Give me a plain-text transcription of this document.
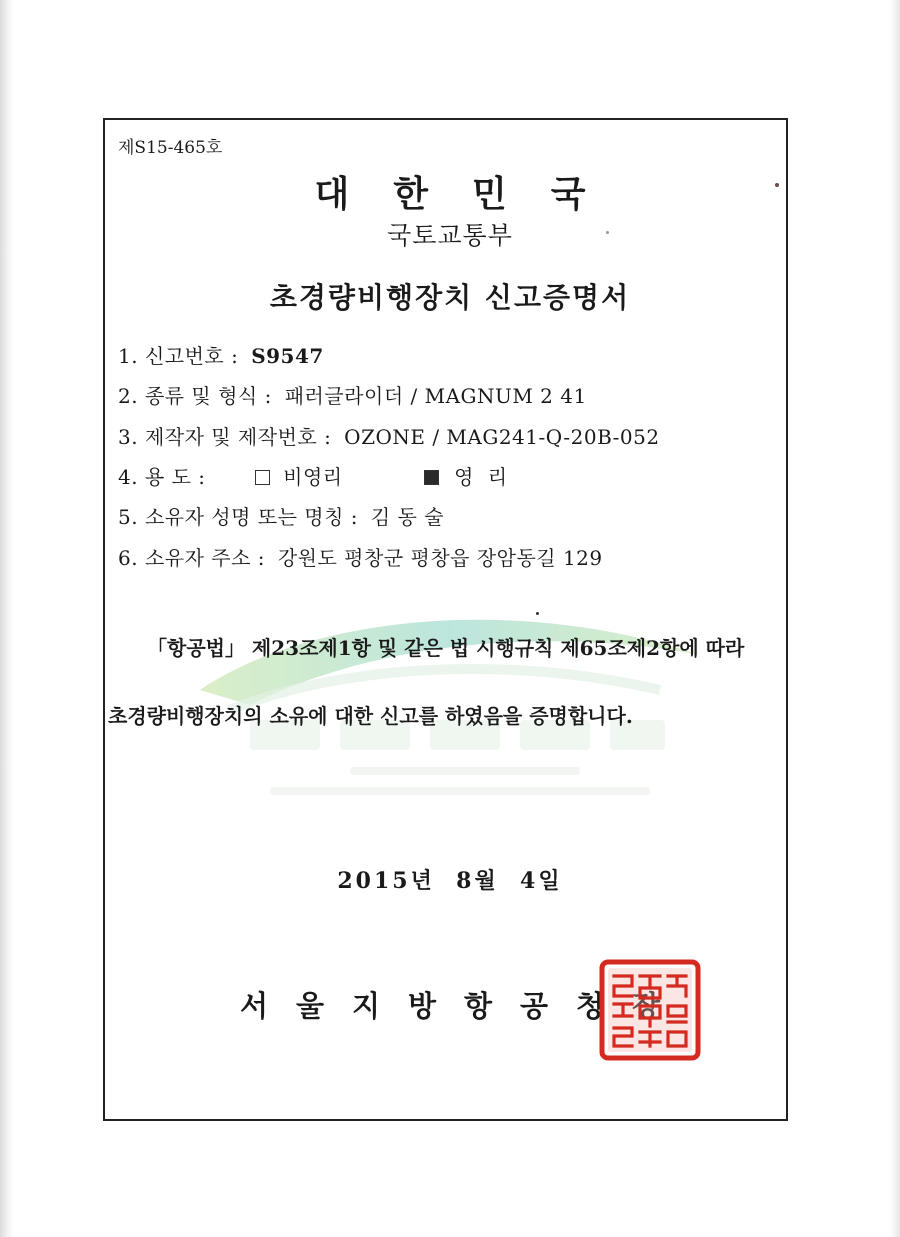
제S15-465호
대한민국
국토교통부
초경량비행장치 신고증명서
1. 신고번호 : S9547
2. 종류 및 형식 : 패러글라이더 / MAGNUM 2 41
3. 제작자 및 제작번호 : OZONE / MAG241-Q-20B-052
4. 용 도 :	비영리	영  리
5. 소유자 성명 또는 명칭 : 김 동 술
6. 소유자 주소 : 강원도 평창군 평창읍 장암동길 129
「항공법」 제23조제1항 및 같은 법 시행규칙 제65조제2항에 따라
초경량비행장치의 소유에 대한 신고를 하였음을 증명합니다.
2015년  8월  4일
서울지방항공청장
